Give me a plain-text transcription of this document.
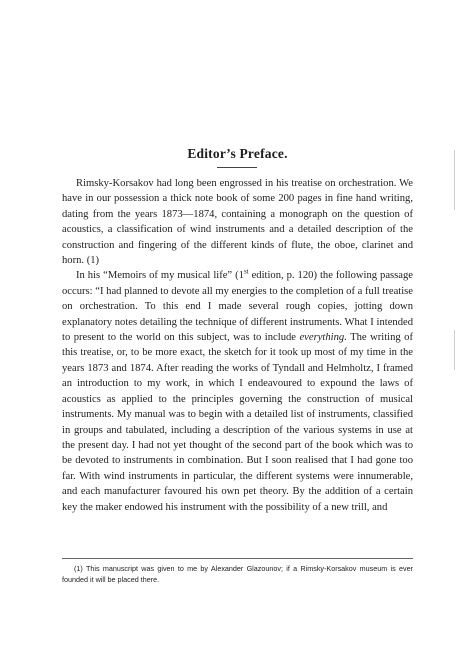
Editor’s Preface.

Rimsky-Korsakov had long been engrossed in his treatise on orchestration. We have in our possession a thick note book of some 200 pages in fine hand writing, dating from the years 1873—1874, containing a monograph on the question of acoustics, a classification of wind instruments and a detailed description of the construction and fingering of the different kinds of flute, the oboe, clarinet and horn. (1)

In his “Memoirs of my musical life” (1st edition, p. 120) the following passage occurs: “I had planned to devote all my energies to the completion of a full treatise on orchestration. To this end I made several rough copies, jotting down explanatory notes detailing the technique of different instruments. What I intended to present to the world on this subject, was to include everything. The writing of this treatise, or, to be more exact, the sketch for it took up most of my time in the years 1873 and 1874. After reading the works of Tyndall and Helmholtz, I framed an introduction to my work, in which I endeavoured to expound the laws of acoustics as applied to the principles governing the construction of musical instruments. My manual was to begin with a detailed list of instruments, classified in groups and tabulated, including a description of the various systems in use at the present day. I had not yet thought of the second part of the book which was to be devoted to instruments in combination. But I soon realised that I had gone too far. With wind instruments in particular, the different systems were innumerable, and each manufacturer favoured his own pet theory. By the addition of a certain key the maker endowed his instrument with the possibility of a new trill, and

(1) This manuscript was given to me by Alexander Glazounov; if a Rimsky-Korsakov museum is ever founded it will be placed there.
